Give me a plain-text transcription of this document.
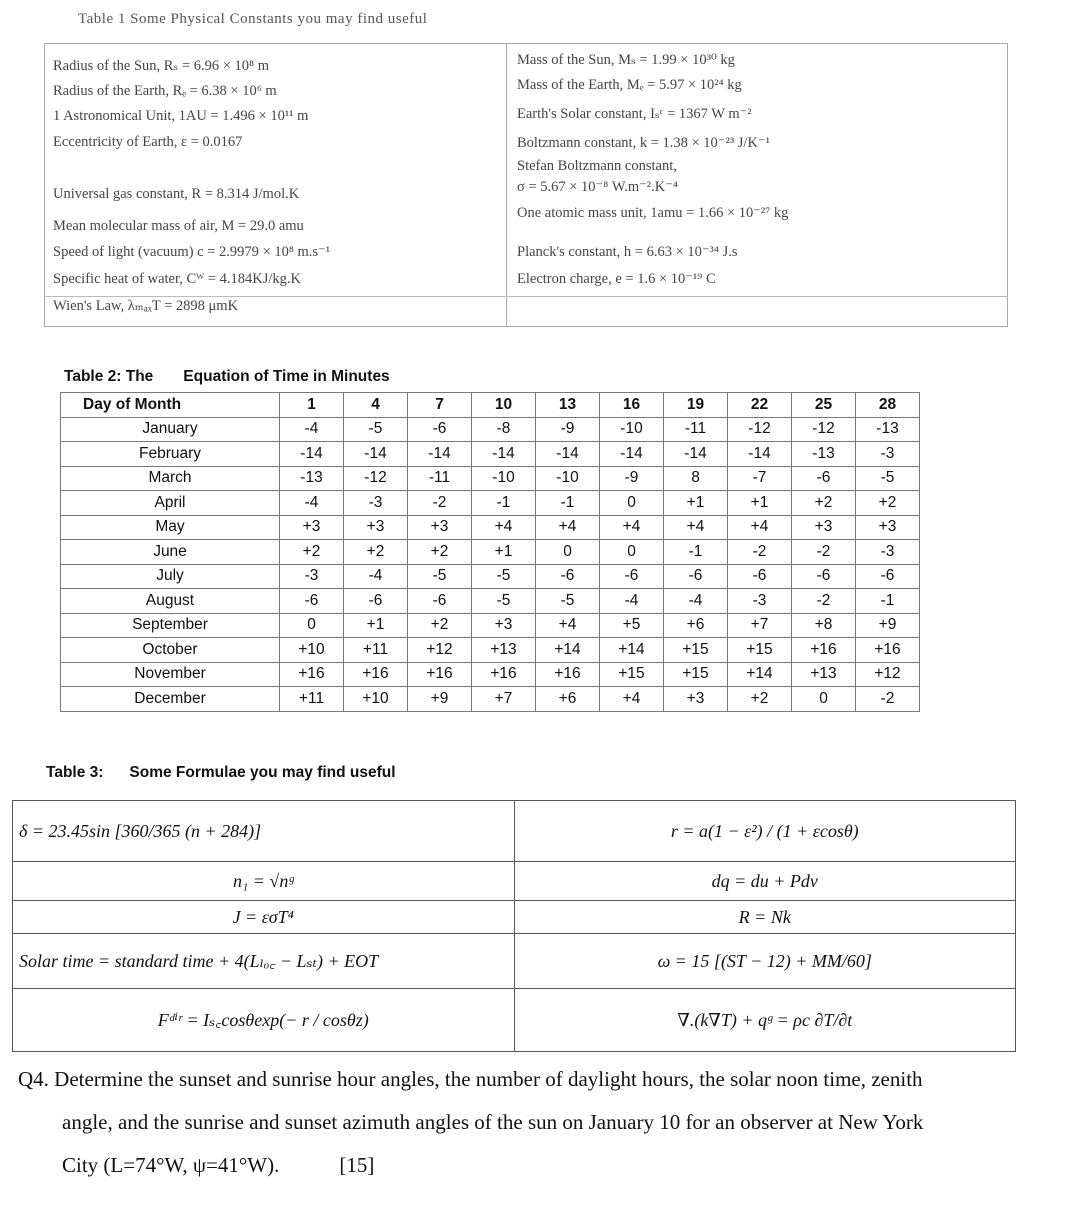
Table 1 Some Physical Constants you may find useful
Radius of the Sun, Rₛ = 6.96 × 10⁸ m
Radius of the Earth, Rₑ = 6.38 × 10⁶ m
1 Astronomical Unit, 1AU = 1.496 × 10¹¹ m
Eccentricity of Earth, ε = 0.0167
Universal gas constant, R = 8.314 J/mol.K
Mean molecular mass of air, M = 29.0 amu
Speed of light (vacuum) c = 2.9979 × 10⁸ m.s⁻¹
Specific heat of water, Cᵂ = 4.184KJ/kg.K
Wien's Law, λₘₐₓT = 2898 μmK
Mass of the Sun, Mₛ = 1.99 × 10³⁰ kg
Mass of the Earth, Mₑ = 5.97 × 10²⁴ kg
Earth's Solar constant, Iₛᶜ = 1367 W m⁻²
Boltzmann constant, k = 1.38 × 10⁻²³ J/K⁻¹
Stefan Boltzmann constant,
σ = 5.67 × 10⁻⁸ W.m⁻².K⁻⁴
One atomic mass unit, 1amu = 1.66 × 10⁻²⁷ kg
Planck's constant, h = 6.63 × 10⁻³⁴ J.s
Electron charge, e = 1.6 × 10⁻¹⁹ C
Table 2: The Equation of Time in Minutes
Day of Month	1	4	7	10	13	16	19	22	25	28
January	-4	-5	-6	-8	-9	-10	-11	-12	-12	-13
February	-14	-14	-14	-14	-14	-14	-14	-14	-13	-3
March	-13	-12	-11	-10	-10	-9	8	-7	-6	-5
April	-4	-3	-2	-1	-1	0	+1	+1	+2	+2
May	+3	+3	+3	+4	+4	+4	+4	+4	+3	+3
June	+2	+2	+2	+1	0	0	-1	-2	-2	-3
July	-3	-4	-5	-5	-6	-6	-6	-6	-6	-6
August	-6	-6	-6	-5	-5	-4	-4	-3	-2	-1
September	0	+1	+2	+3	+4	+5	+6	+7	+8	+9
October	+10	+11	+12	+13	+14	+14	+15	+15	+16	+16
November	+16	+16	+16	+16	+16	+15	+15	+14	+13	+12
December	+11	+10	+9	+7	+6	+4	+3	+2	0	-2
Table 3: Some Formulae you may find useful
δ = 23.45sin [360/365 (n + 284)]	r = a(1 − ε²) / (1 + εcosθ)
n₁ = √nᵍ	dq = du + Pdv
J = εσT⁴	R = Nk
Solar time = standard time + 4(Lₗₒ꜀ − Lₛₜ) + EOT	ω = 15 [(ST − 12) + MM/60]
Fᵈⁱʳ = Iₛ꜀cosθexp(− r / cosθz)	∇.(k∇T) + qᵍ = ρc ∂T/∂t
Q4. Determine the sunset and sunrise hour angles, the number of daylight hours, the solar noon time, zenith
angle, and the sunrise and sunset azimuth angles of the sun on January 10 for an observer at New York
City (L=74°W, ψ=41°W).	[15]
